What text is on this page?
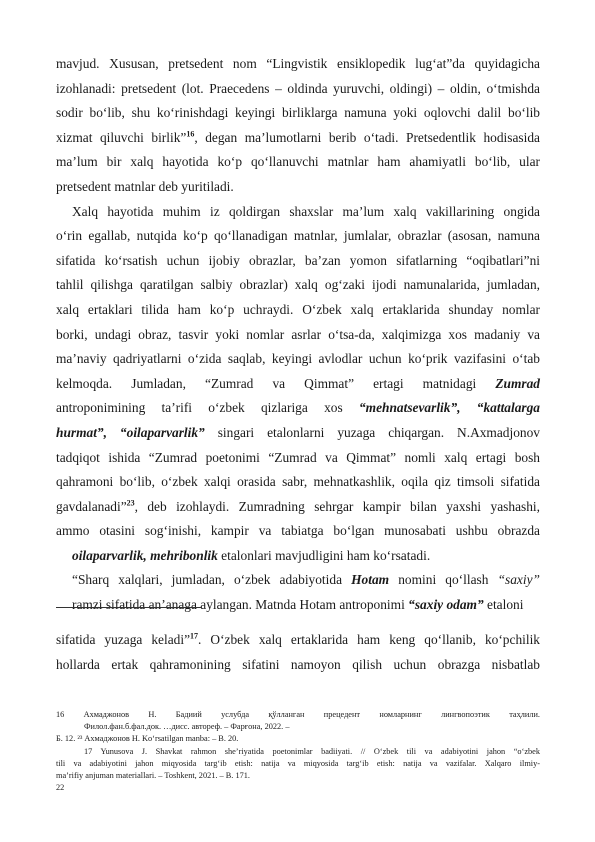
mavjud. Xususan, pretsedent nom “Lingvistik ensiklopedik lug‘at”da quyidagicha
izohlanadi: pretsedent (lot. Praecedens – oldinda yuruvchi, oldingi) – oldin, o‘tmishda
sodir bo‘lib, shu ko‘rinishdagi keyingi birliklarga namuna yoki oqlovchi dalil bo‘lib
xizmat qiluvchi birlik”$^{16}$, degan ma’lumotlarni berib o‘tadi. Pretsedentlik hodisasida
ma’lum bir xalq hayotida ko‘p qo‘llanuvchi matnlar ham ahamiyatli bo‘lib, ular

pretsedent matnlar deb yuritiladi.
Xalq hayotida muhim iz qoldirgan shaxslar ma’lum xalq vakillarining ongida
o‘rin egallab, nutqida ko‘p qo‘llanadigan matnlar, jumlalar, obrazlar (asosan, namuna
sifatida ko‘rsatish uchun ijobiy obrazlar, ba’zan yomon sifatlarning “oqibatlari”ni
tahlil qilishga qaratilgan salbiy obrazlar) xalq og‘zaki ijodi namunalarida, jumladan,
xalq ertaklari tilida ham ko‘p uchraydi. O‘zbek xalq ertaklarida shunday nomlar
borki, undagi obraz, tasvir yoki nomlar asrlar o‘tsa-da, xalqimizga xos madaniy va
ma’naviy qadriyatlarni o‘zida saqlab, keyingi avlodlar uchun ko‘prik vazifasini o‘tab
kelmoqda. Jumladan, “Zumrad va Qimmat” ertagi matnidagi Zumrad
antroponimining ta’rifi o‘zbek qizlariga xos “mehnatsevarlik”, “kattalarga
hurmat”, “oilaparvarlik” singari etalonlarni yuzaga chiqargan. N.Axmadjonov
tadqiqot ishida “Zumrad poetonimi “Zumrad va Qimmat” nomli xalq ertagi bosh
qahramoni bo‘lib, o‘zbek xalqi orasida sabr, mehnatkashlik, oqila qiz timsoli sifatida
gavdalanadi”$^{23}$, deb izohlaydi. Zumradning sehrgar kampir bilan yaxshi yashashi,
ammo otasini sog‘inishi, kampir va tabiatga bo‘lgan munosabati ushbu obrazda

oilaparvarlik, mehribonlik etalonlari mavjudligini ham ko‘rsatadi.
“Sharq xalqlari, jumladan, o‘zbek adabiyotida Hotam nomini qo‘llash “saxiy”

ramzi sifatida an’anaga aylangan. Matnda Hotam antroponimi “saxiy odam” etaloni
sifatida yuzaga keladi”$^{17}$. O‘zbek xalq ertaklarida ham keng qo‘llanib, ko‘pchilik
hollarda ertak qahramonining sifatini namoyon qilish uchun obrazga nisbatlab
16 Ахмаджонов Н. Бадиий услубда қўлланган прецедент номларнинг лингвопоэтик таҳлили.
Филол.фан.б.фал.док. …дисс. автореф. – Фарғона, 2022. –
Б. 12. ²³ Ахмаджонов Н. Ko‘rsatilgan manba: – B. 20.
17 Yunusova J. Shavkat rahmon she’riyatida poetonimlar badiiyati. // O‘zbek tili va adabiyotini jahon “o‘zbek
tili va adabiyotini jahon miqyosida targ‘ib etish: natija va miqyosida targ‘ib etish: natija va vazifalar. Xalqaro ilmiy-
ma’rifiy anjuman materiallari. – Toshkent, 2021. – B. 171.
22
